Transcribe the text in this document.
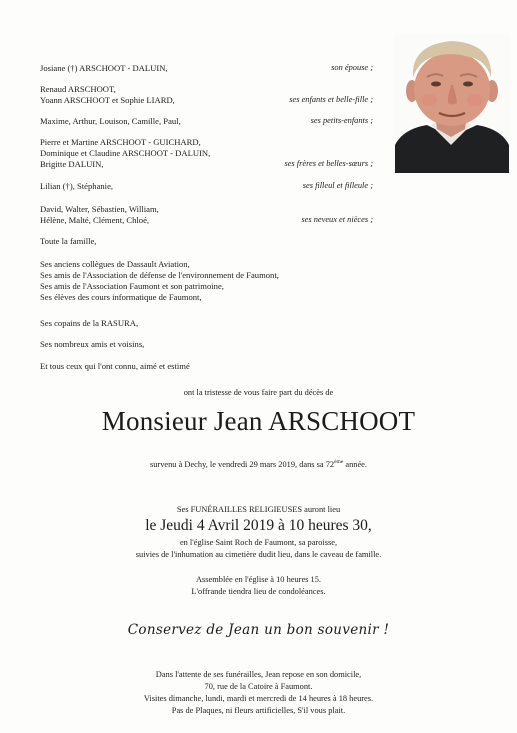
Josiane (†) ARSCHOOT - DALUIN,	son épouse ;
Renaud ARSCHOOT,
Yoann ARSCHOOT et Sophie LIARD,	ses enfants et belle-fille ;
Maxime, Arthur, Louison, Camille, Paul,	ses petits-enfants ;
Pierre et Martine ARSCHOOT - GUICHARD,
Dominique et Claudine ARSCHOOT - DALUIN,
Brigitte DALUIN,	ses frères et belles-sœurs ;
Lilian (†), Stéphanie,	ses filleul et filleule ;
David, Walter, Sébastien, William,
Hélène, Malté, Clément, Chloé,	ses neveux et nièces ;
Toute la famille,
Ses anciens collègues de Dassault Aviation,
Ses amis de l'Association de défense de l'environnement de Faumont,
Ses amis de l'Association Faumont et son patrimoine,
Ses élèves des cours informatique de Faumont,
Ses copains de la RASURA,
Ses nombreux amis et voisins,
Et tous ceux qui l'ont connu, aimé et estimé
ont la tristesse de vous faire part du décès de
Monsieur Jean ARSCHOOT
survenu à Dechy, le vendredi 29 mars 2019, dans sa 72ème année.
Ses FUNÉRAILLES RELIGIEUSES auront lieu
le Jeudi 4 Avril 2019 à 10 heures 30,
en l'église Saint Roch de Faumont, sa paroisse,
suivies de l'inhumation au cimetière dudit lieu, dans le caveau de famille.
Assemblée en l'église à 10 heures 15.
L'offrande tiendra lieu de condoléances.
Conservez de Jean un bon souvenir !
Dans l'attente de ses funérailles, Jean repose en son domicile,
70, rue de la Catoire à Faumont.
Visites dimanche, lundi, mardi et mercredi de 14 heures à 18 heures.
Pas de Plaques, ni fleurs artificielles, S'il vous plait.
